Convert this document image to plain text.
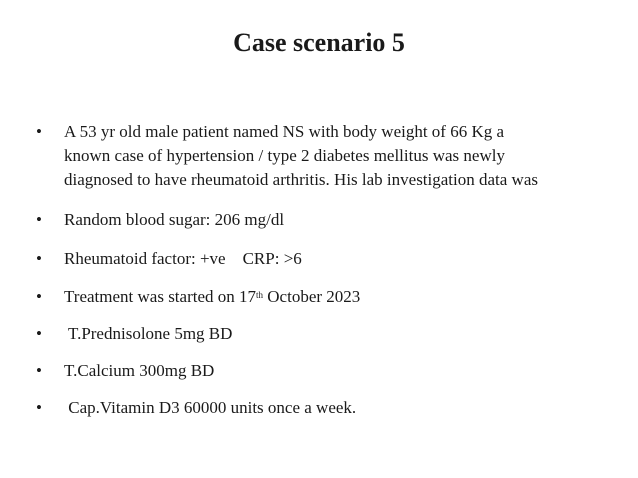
Case scenario 5
•	A 53 yr old male patient named NS with body weight of 66 Kg a
known case of hypertension / type 2 diabetes mellitus was newly
diagnosed to have rheumatoid arthritis. His lab investigation data was
•	Random blood sugar: 206 mg/dl
•	Rheumatoid factor: +ve    CRP: >6
•	Treatment was started on 17th October 2023
•	T.Prednisolone 5mg BD
•	T.Calcium 300mg BD
•	Cap.Vitamin D3 60000 units once a week.
